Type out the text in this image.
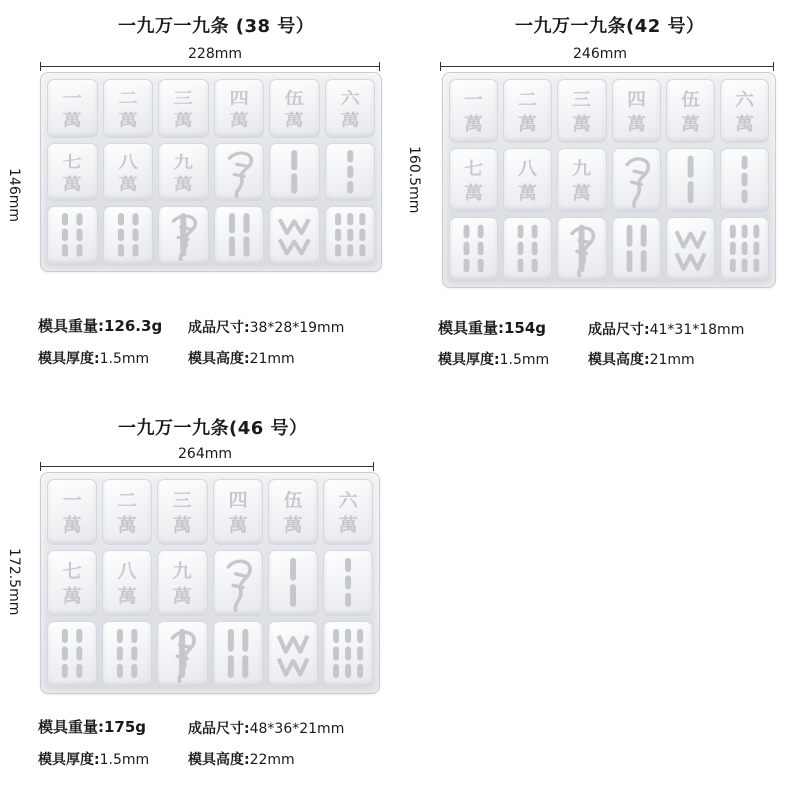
一九万一九条 (38 号）
228mm
146mm
一
萬
二
萬
三
萬
四
萬
伍
萬
六
萬
七
萬
八
萬
九
萬
模具重量:126.3g 成品尺寸:38*28*19mm
模具厚度:1.5mm	模具高度:21mm
一九万一九条(42 号）
246mm
160.5mm
一
萬
二
萬
三
萬
四
萬
伍
萬
六
萬
七
萬
八
萬
九
萬
模具重量:154g	成品尺寸:41*31*18mm
模具厚度:1.5mm	模具高度:21mm
一九万一九条(46 号）
264mm
172.5mm
一
萬
二
萬
三
萬
四
萬
伍
萬
六
萬
七
萬
八
萬
九
萬
模具重量:175g	成品尺寸:48*36*21mm
模具厚度:1.5mm	模具高度:22mm
